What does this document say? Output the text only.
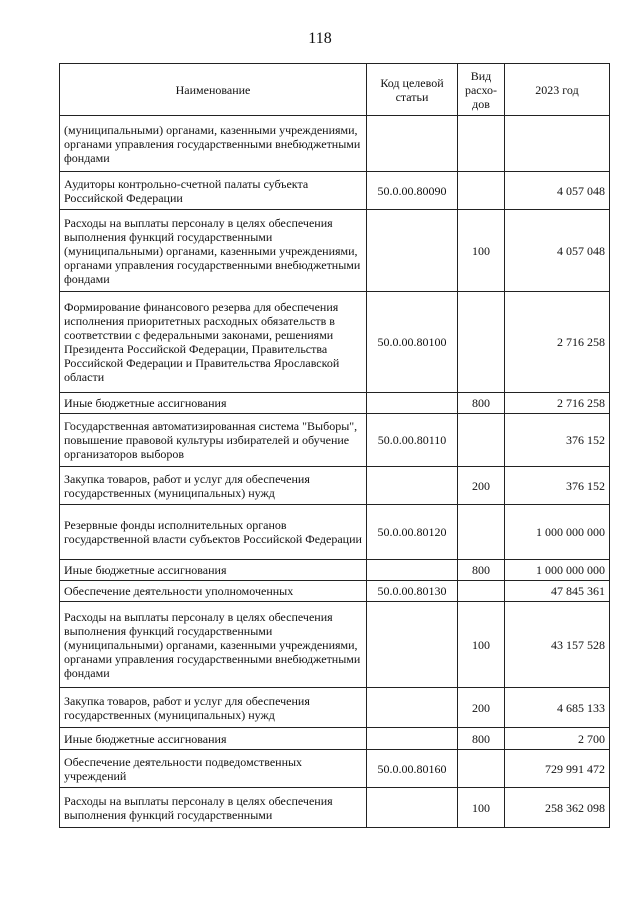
118
Наименование	Код целевой статьи	Вид расхо-дов	2023 год
(муниципальными) органами, казенными учреждениями, органами управления государственными внебюджетными фондами			
Аудиторы контрольно-счетной палаты субъекта Российской Федерации	50.0.00.80090		4 057 048
Расходы на выплаты персоналу в целях обеспечения выполнения функций государственными (муниципальными) органами, казенными учреждениями, органами управления государственными внебюджетными фондами		100	4 057 048
Формирование финансового резерва для обеспечения исполнения приоритетных расходных обязательств в соответствии с федеральными законами, решениями Президента Российской Федерации, Правительства Российской Федерации и Правительства Ярославской области	50.0.00.80100		2 716 258
Иные бюджетные ассигнования		800	2 716 258
Государственная автоматизированная система "Выборы", повышение правовой культуры избирателей и обучение организаторов выборов	50.0.00.80110		376 152
Закупка товаров, работ и услуг для обеспечения государственных (муниципальных) нужд		200	376 152
Резервные фонды исполнительных органов государственной власти субъектов Российской Федерации	50.0.00.80120		1 000 000 000
Иные бюджетные ассигнования		800	1 000 000 000
Обеспечение деятельности уполномоченных	50.0.00.80130		47 845 361
Расходы на выплаты персоналу в целях обеспечения выполнения функций государственными (муниципальными) органами, казенными учреждениями, органами управления государственными внебюджетными фондами		100	43 157 528
Закупка товаров, работ и услуг для обеспечения государственных (муниципальных) нужд		200	4 685 133
Иные бюджетные ассигнования		800	2 700
Обеспечение деятельности подведомственных учреждений	50.0.00.80160		729 991 472
Расходы на выплаты персоналу в целях обеспечения выполнения функций государственными		100	258 362 098
